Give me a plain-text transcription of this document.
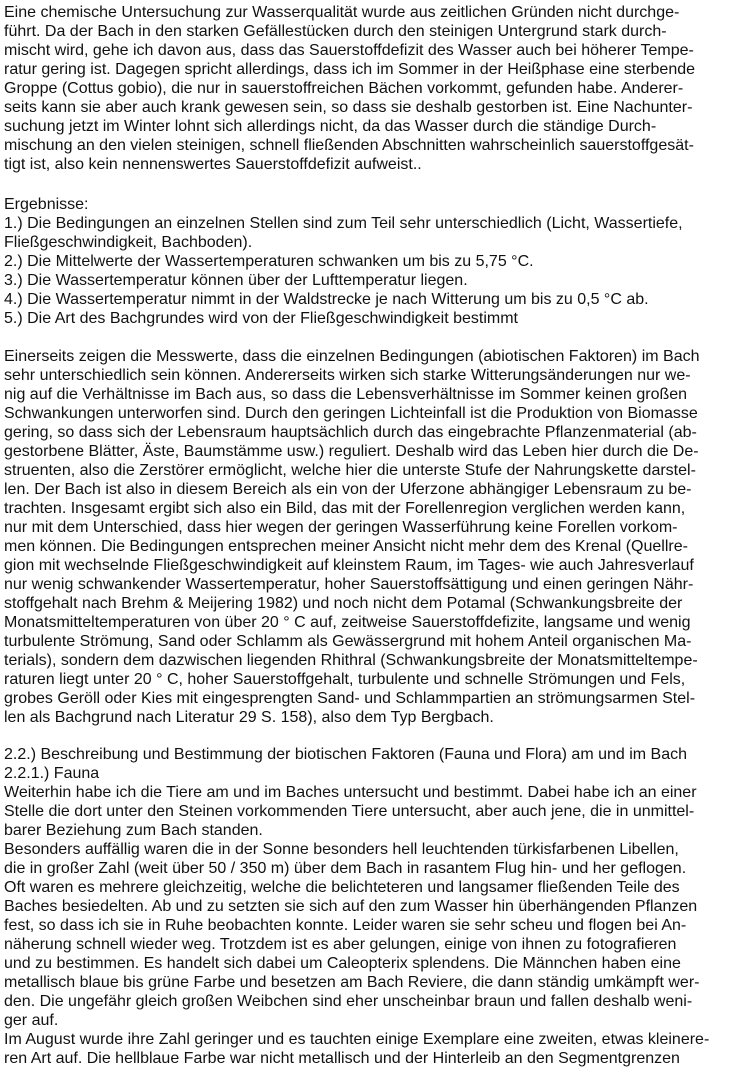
Eine chemische Untersuchung zur Wasserqualität wurde aus zeitlichen Gründen nicht durchge-
führt. Da der Bach in den starken Gefällestücken durch den steinigen Untergrund stark durch-
mischt wird, gehe ich davon aus, dass das Sauerstoffdefizit des Wasser auch bei höherer Tempe-
ratur gering ist. Dagegen spricht allerdings, dass ich im Sommer in der Heißphase eine sterbende
Groppe (Cottus gobio), die nur in sauerstoffreichen Bächen vorkommt, gefunden habe. Anderer-
seits kann sie aber auch krank gewesen sein, so dass sie deshalb gestorben ist. Eine Nachunter-
suchung jetzt im Winter lohnt sich allerdings nicht, da das Wasser durch die ständige Durch-
mischung an den vielen steinigen, schnell fließenden Abschnitten wahrscheinlich sauerstoffgesät-
tigt ist, also kein nennenswertes Sauerstoffdefizit aufweist..
Ergebnisse:
1.) Die Bedingungen an einzelnen Stellen sind zum Teil sehr unterschiedlich (Licht, Wassertiefe,
Fließgeschwindigkeit, Bachboden).
2.) Die Mittelwerte der Wassertemperaturen schwanken um bis zu 5,75 °C.
3.) Die Wassertemperatur können über der Lufttemperatur liegen.
4.) Die Wassertemperatur nimmt in der Waldstrecke je nach Witterung um bis zu 0,5 °C ab.
5.) Die Art des Bachgrundes wird von der Fließgeschwindigkeit bestimmt
Einerseits zeigen die Messwerte, dass die einzelnen Bedingungen (abiotischen Faktoren) im Bach
sehr unterschiedlich sein können. Andererseits wirken sich starke Witterungsänderungen nur we-
nig auf die Verhältnisse im Bach aus, so dass die Lebensverhältnisse im Sommer keinen großen
Schwankungen unterworfen sind. Durch den geringen Lichteinfall ist die Produktion von Biomasse
gering, so dass sich der Lebensraum hauptsächlich durch das eingebrachte Pflanzenmaterial (ab-
gestorbene Blätter, Äste, Baumstämme usw.) reguliert. Deshalb wird das Leben hier durch die De-
struenten, also die Zerstörer ermöglicht, welche hier die unterste Stufe der Nahrungskette darstel-
len. Der Bach ist also in diesem Bereich als ein von der Uferzone abhängiger Lebensraum zu be-
trachten. Insgesamt ergibt sich also ein Bild, das mit der Forellenregion verglichen werden kann,
nur mit dem Unterschied, dass hier wegen der geringen Wasserführung keine Forellen vorkom-
men können. Die Bedingungen entsprechen meiner Ansicht nicht mehr dem des Krenal (Quellre-
gion mit wechselnde Fließgeschwindigkeit auf kleinstem Raum, im Tages- wie auch Jahresverlauf
nur wenig schwankender Wassertemperatur, hoher Sauerstoffsättigung und einen geringen Nähr-
stoffgehalt nach Brehm & Meijering 1982) und noch nicht dem Potamal (Schwankungsbreite der
Monatsmitteltemperaturen von über 20 ° C auf, zeitweise Sauerstoffdefizite, langsame und wenig
turbulente Strömung, Sand oder Schlamm als Gewässergrund mit hohem Anteil organischen Ma-
terials), sondern dem dazwischen liegenden Rhithral (Schwankungsbreite der Monatsmitteltempe-
raturen liegt unter 20 ° C, hoher Sauerstoffgehalt, turbulente und schnelle Strömungen und Fels,
grobes Geröll oder Kies mit eingesprengten Sand- und Schlammpartien an strömungsarmen Stel-
len als Bachgrund nach Literatur 29 S. 158), also dem Typ Bergbach.
2.2.) Beschreibung und Bestimmung der biotischen Faktoren (Fauna und Flora) am und im Bach
2.2.1.) Fauna
Weiterhin habe ich die Tiere am und im Baches untersucht und bestimmt. Dabei habe ich an einer
Stelle die dort unter den Steinen vorkommenden Tiere untersucht, aber auch jene, die in unmittel-
barer Beziehung zum Bach standen.
Besonders auffällig waren die in der Sonne besonders hell leuchtenden türkisfarbenen Libellen,
die in großer Zahl (weit über 50 / 350 m) über dem Bach in rasantem Flug hin- und her geflogen.
Oft waren es mehrere gleichzeitig, welche die belichteteren und langsamer fließenden Teile des
Baches besiedelten. Ab und zu setzten sie sich auf den zum Wasser hin überhängenden Pflanzen
fest, so dass ich sie in Ruhe beobachten konnte. Leider waren sie sehr scheu und flogen bei An-
näherung schnell wieder weg. Trotzdem ist es aber gelungen, einige von ihnen zu fotografieren
und zu bestimmen. Es handelt sich dabei um Caleopterix splendens. Die Männchen haben eine
metallisch blaue bis grüne Farbe und besetzen am Bach Reviere, die dann ständig umkämpft wer-
den. Die ungefähr gleich großen Weibchen sind eher unscheinbar braun und fallen deshalb weni-
ger auf.
Im August wurde ihre Zahl geringer und es tauchten einige Exemplare eine zweiten, etwas kleinere-
ren Art auf. Die hellblaue Farbe war nicht metallisch und der Hinterleib an den Segmentgrenzen
